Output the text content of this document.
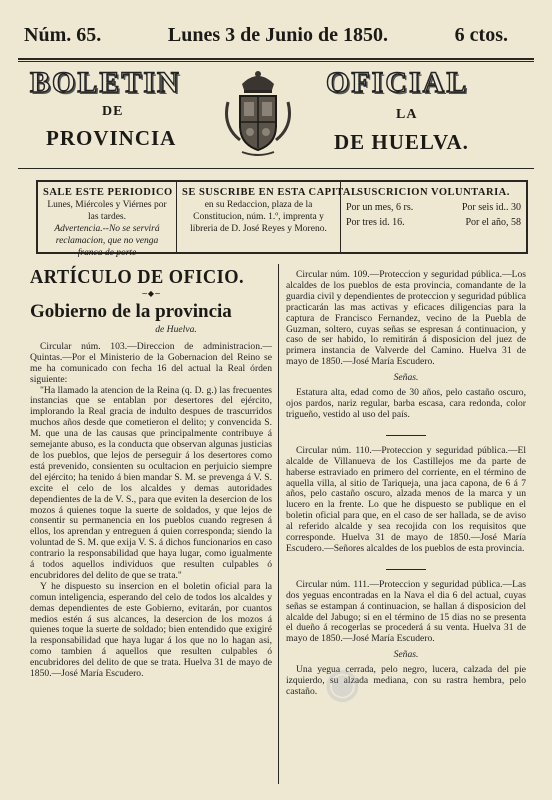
Núm. 65.	Lunes 3 de Junio de 1850.	6 ctos.
BOLETIN	OFICIAL
DE	LA
PROVINCIA	DE HUELVA.
SALE ESTE PERIODICO
Lunes, Miércoles y Viérnes por las tardes.
Advertencia.--No se servirá reclamacion, que no venga franca de porte
SE SUSCRIBE EN ESTA CAPITAL
en su Redaccion, plaza de la Constitucion, núm. 1.º, imprenta y libreria de D. José Reyes y Moreno.
SUSCRICION VOLUNTARIA.
Por un mes, 6 rs.	Por seis id.. 30
Por tres id. 16.	Por el año, 58
ARTÍCULO DE OFICIO.
~◆~
Gobierno de la provincia
de Huelva.

Circular núm. 103.—Direccion de administracion.—Quintas.—Por el Ministerio de la Gobernacion del Reino se me ha comunicado con fecha 16 del actual la Real órden siguiente:

"Ha llamado la atencion de la Reina (q. D. g.) las frecuentes instancias que se entablan por desertores del ejército, implorando la Real gracia de indulto despues de trascurridos muchos años desde que cometieron el delito; y convencida S. M. que una de las causas que principalmente contribuye á semejante abuso, es la conducta que observan algunas justicias de los pueblos, que lejos de perseguir á los desertores como está prevenido, consienten su ocultacion en perjuicio siempre del ejército; ha tenido á bien mandar S. M. se prevenga á V. S. excite el celo de los alcaldes y demas autoridades dependientes de la de V. S., para que eviten la desercion de los mozos á quienes toque la suerte de soldados, y que lejos de consentir su permanencia en los pueblos cuando regresen á ellos, los aprendan y entreguen á quien corresponda; siendo la voluntad de S. M. que exija V. S. á dichos funcionarios en caso contrario la responsabilidad que haya lugar, como igualmente á todos aquellos individuos que resulten culpables ó encubridores del delito de que se trata."

Y he dispuesto su insercion en el boletin oficial para la comun inteligencia, esperando del celo de todos los alcaldes y demas dependientes de este Gobierno, evitarán, por cuantos medios estén á sus alcances, la desercion de los mozos á quienes toque la suerte de soldado; bien entendido que exigiré la responsabilidad que haya lugar á los que no lo hagan asi, como tambien á aquellos que resulten culpables ó encubridores del delito de que se trata. Huelva 31 de mayo de 1850.—José María Escudero.

Circular núm. 109.—Proteccion y seguridad pública.—Los alcaldes de los pueblos de esta provincia, comandante de la guardia civil y dependientes de proteccion y seguridad pública practicarán las mas activas y eficaces diligencias para la captura de Francisco Fernandez, vecino de la Puebla de Guzman, soltero, cuyas señas se espresan á continuacion, y caso de ser habido, lo remitirán á disposicion del juez de primera instancia de Valverde del Camino. Huelva 31 de mayo de 1850.—José María Escudero.

Señas.

Estatura alta, edad como de 30 años, pelo castaño oscuro, ojos pardos, nariz regular, barba escasa, cara redonda, color trigueño, vestido al uso del país.

Circular núm. 110.—Proteccion y seguridad pública.—El alcalde de Villanueva de los Castillejos me da parte de haberse estraviado en primero del corriente, en el término de aquella villa, al sitio de Tariqueja, una jaca capona, de 6 á 7 años, pelo castaño oscuro, alzada menos de la marca y un lucero en la frente. Lo que he dispuesto se publique en el boletin oficial para que, en el caso de ser hallada, se de aviso al referido alcalde y sea recojida con los requisitos que corresponde. Huelva 31 de mayo de 1850.—José María Escudero.—Señores alcaldes de los pueblos de esta provincia.

Circular núm. 111.—Proteccion y seguridad pública.—Las dos yeguas encontradas en la Nava el dia 6 del actual, cuyas señas se estampan á continuacion, se hallan á disposicion del alcalde del Jabugo; si en el término de 15 dias no se presenta el dueño á recogerlas se procederá á su venta. Huelva 31 de mayo de 1850.—José María Escudero.

Señas.

Una yegua cerrada, pelo negro, lucera, calzada del pie izquierdo, su alzada mediana, con su rastra hembra, pelo castaño. ◉
